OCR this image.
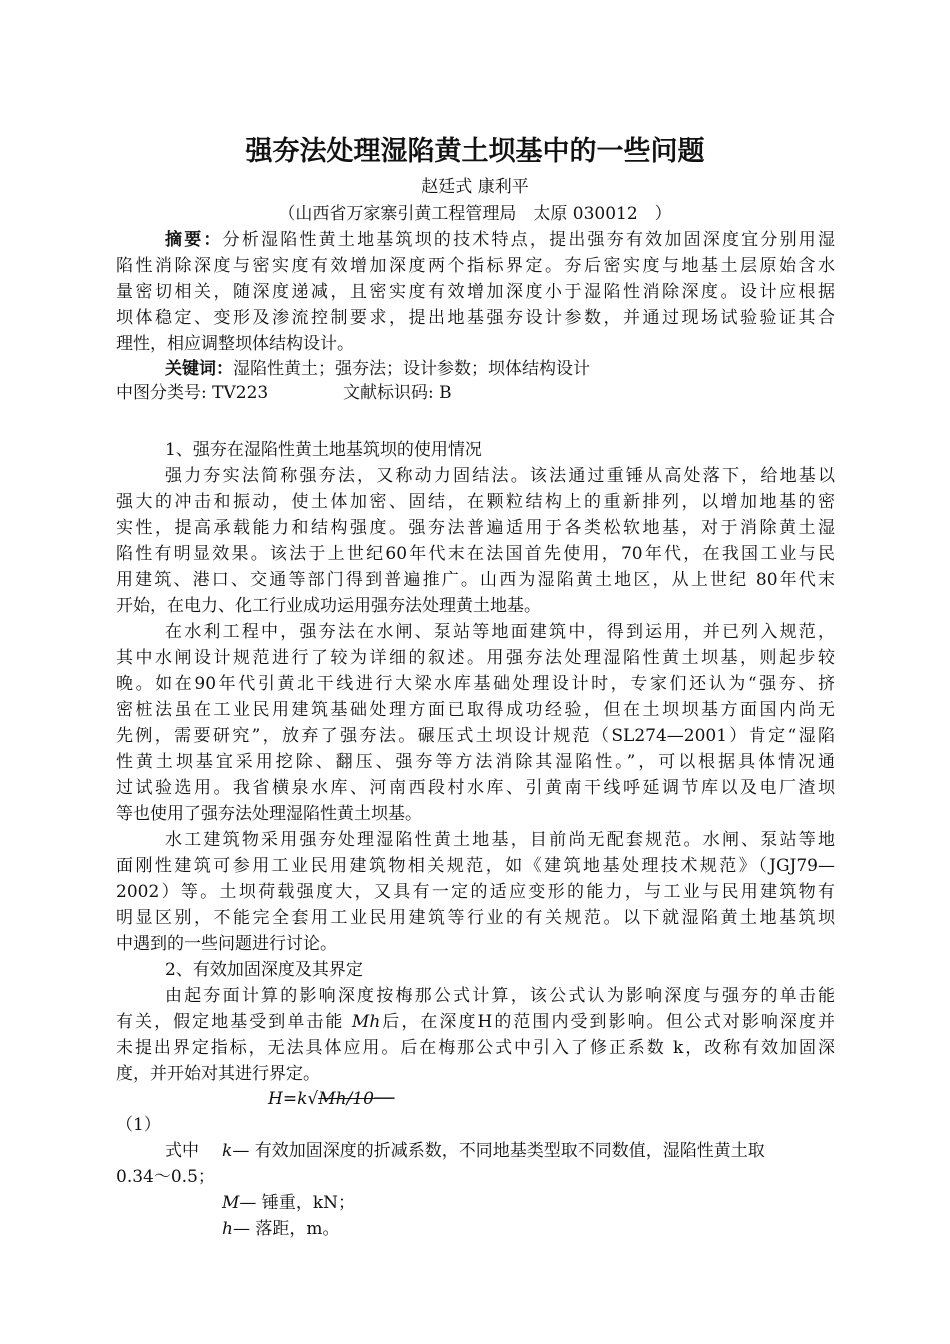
强夯法处理湿陷黄土坝基中的一些问题
赵廷式 康利平
（山西省万家寨引黄工程管理局　太原 030012　）
摘要：分析湿陷性黄土地基筑坝的技术特点，提出强夯有效加固深度宜分别用湿
陷性消除深度与密实度有效增加深度两个指标界定。夯后密实度与地基土层原始含水
量密切相关，随深度递减，且密实度有效增加深度小于湿陷性消除深度。设计应根据
坝体稳定、变形及渗流控制要求，提出地基强夯设计参数，并通过现场试验验证其合
理性，相应调整坝体结构设计。
关键词：湿陷性黄土；强夯法；设计参数；坝体结构设计
中图分类号: TV223	文献标识码: B
1、强夯在湿陷性黄土地基筑坝的使用情况
强力夯实法简称强夯法，又称动力固结法。该法通过重锤从高处落下，给地基以
强大的冲击和振动，使土体加密、固结，在颗粒结构上的重新排列，以增加地基的密
实性，提高承载能力和结构强度。强夯法普遍适用于各类松软地基，对于消除黄土湿
陷性有明显效果。该法于上世纪60年代末在法国首先使用，70年代，在我国工业与民
用建筑、港口、交通等部门得到普遍推广。山西为湿陷黄土地区，从上世纪 80年代末
开始，在电力、化工行业成功运用强夯法处理黄土地基。
在水利工程中，强夯法在水闸、泵站等地面建筑中，得到运用，并已列入规范，
其中水闸设计规范进行了较为详细的叙述。用强夯法处理湿陷性黄土坝基，则起步较
晚。如在90年代引黄北干线进行大梁水库基础处理设计时，专家们还认为“强夯、挤
密桩法虽在工业民用建筑基础处理方面已取得成功经验，但在土坝坝基方面国内尚无
先例，需要研究”，放弃了强夯法。碾压式土坝设计规范（SL274—2001）肯定“湿陷
性黄土坝基宜采用挖除、翻压、强夯等方法消除其湿陷性。”，可以根据具体情况通
过试验选用。我省横泉水库、河南西段村水库、引黄南干线呼延调节库以及电厂渣坝
等也使用了强夯法处理湿陷性黄土坝基。
水工建筑物采用强夯处理湿陷性黄土地基，目前尚无配套规范。水闸、泵站等地
面刚性建筑可参用工业民用建筑物相关规范，如《建筑地基处理技术规范》（JGJ79—
2002）等。土坝荷载强度大，又具有一定的适应变形的能力，与工业与民用建筑物有
明显区别，不能完全套用工业民用建筑等行业的有关规范。以下就湿陷黄土地基筑坝
中遇到的一些问题进行讨论。
2、有效加固深度及其界定
由起夯面计算的影响深度按梅那公式计算，该公式认为影响深度与强夯的单击能
有关，假定地基受到单击能 Mh后，在深度H的范围内受到影响。但公式对影响深度并
未提出界定指标，无法具体应用。后在梅那公式中引入了修正系数 k，改称有效加固深
度，并开始对其进行界定。
H=k√Mh/10──
（1）
式中 k— 有效加固深度的折减系数，不同地基类型取不同数值，湿陷性黄土取
0.34～0.5；
M— 锤重，kN；
h— 落距，m。
